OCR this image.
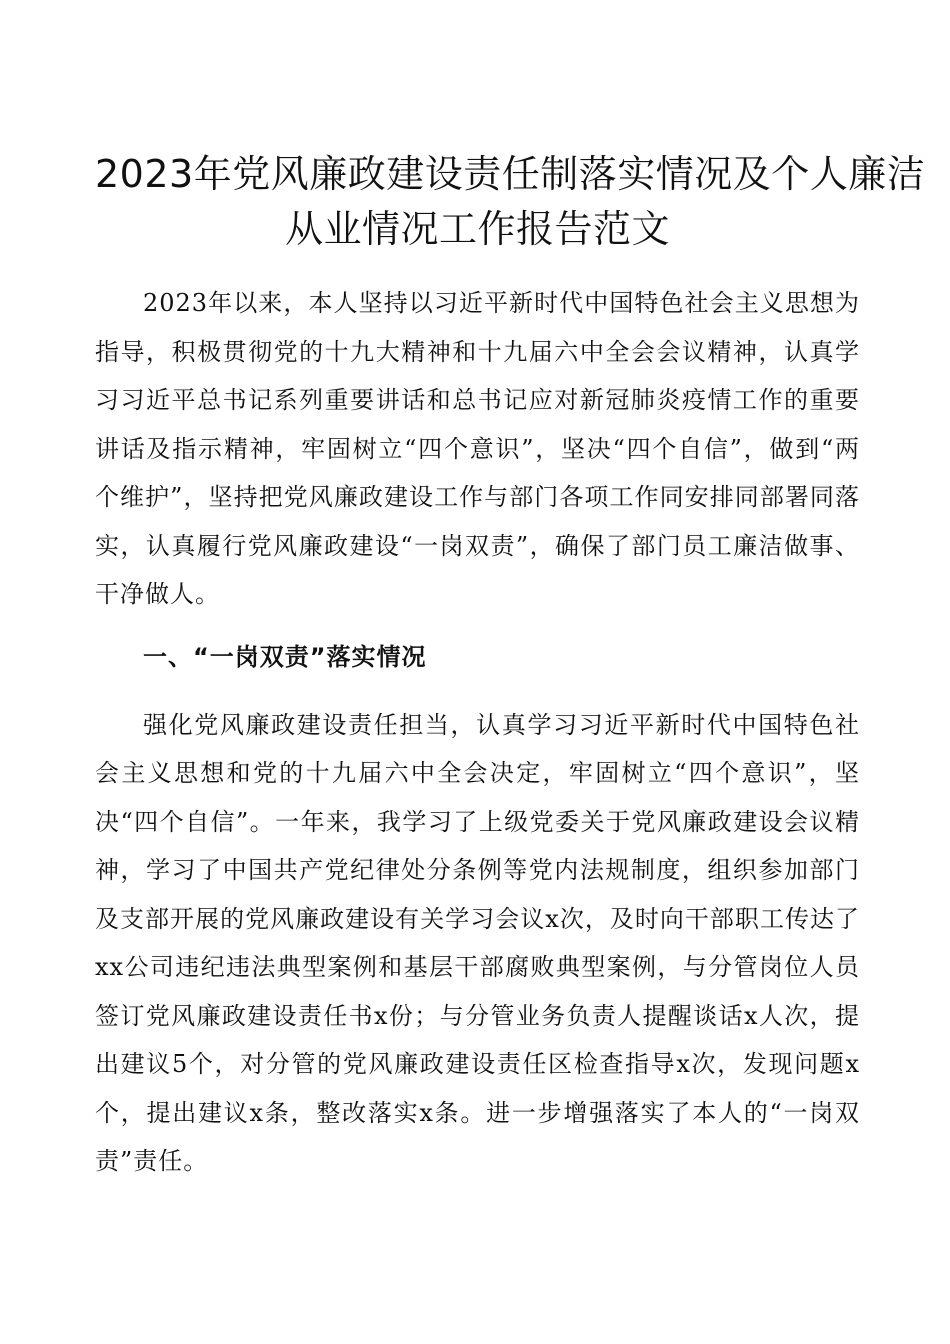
2023年党风廉政建设责任制落实情况及个人廉洁
从业情况工作报告范文

2023年以来，本人坚持以习近平新时代中国特色社会主义思想为指导，积极贯彻党的十九大精神和十九届六中全会会议精神，认真学习习近平总书记系列重要讲话和总书记应对新冠肺炎疫情工作的重要讲话及指示精神，牢固树立“四个意识”，坚决“四个自信”，做到“两个维护”，坚持把党风廉政建设工作与部门各项工作同安排同部署同落实，认真履行党风廉政建设“一岗双责”，确保了部门员工廉洁做事、干净做人。

一、“一岗双责”落实情况

强化党风廉政建设责任担当，认真学习习近平新时代中国特色社会主义思想和党的十九届六中全会决定，牢固树立“四个意识”，坚决“四个自信”。一年来，我学习了上级党委关于党风廉政建设会议精神，学习了中国共产党纪律处分条例等党内法规制度，组织参加部门及支部开展的党风廉政建设有关学习会议x次，及时向干部职工传达了xx公司违纪违法典型案例和基层干部腐败典型案例，与分管岗位人员签订党风廉政建设责任书x份；与分管业务负责人提醒谈话x人次，提出建议5个，对分管的党风廉政建设责任区检查指导x次，发现问题x个，提出建议x条，整改落实x条。进一步增强落实了本人的“一岗双责”责任。
